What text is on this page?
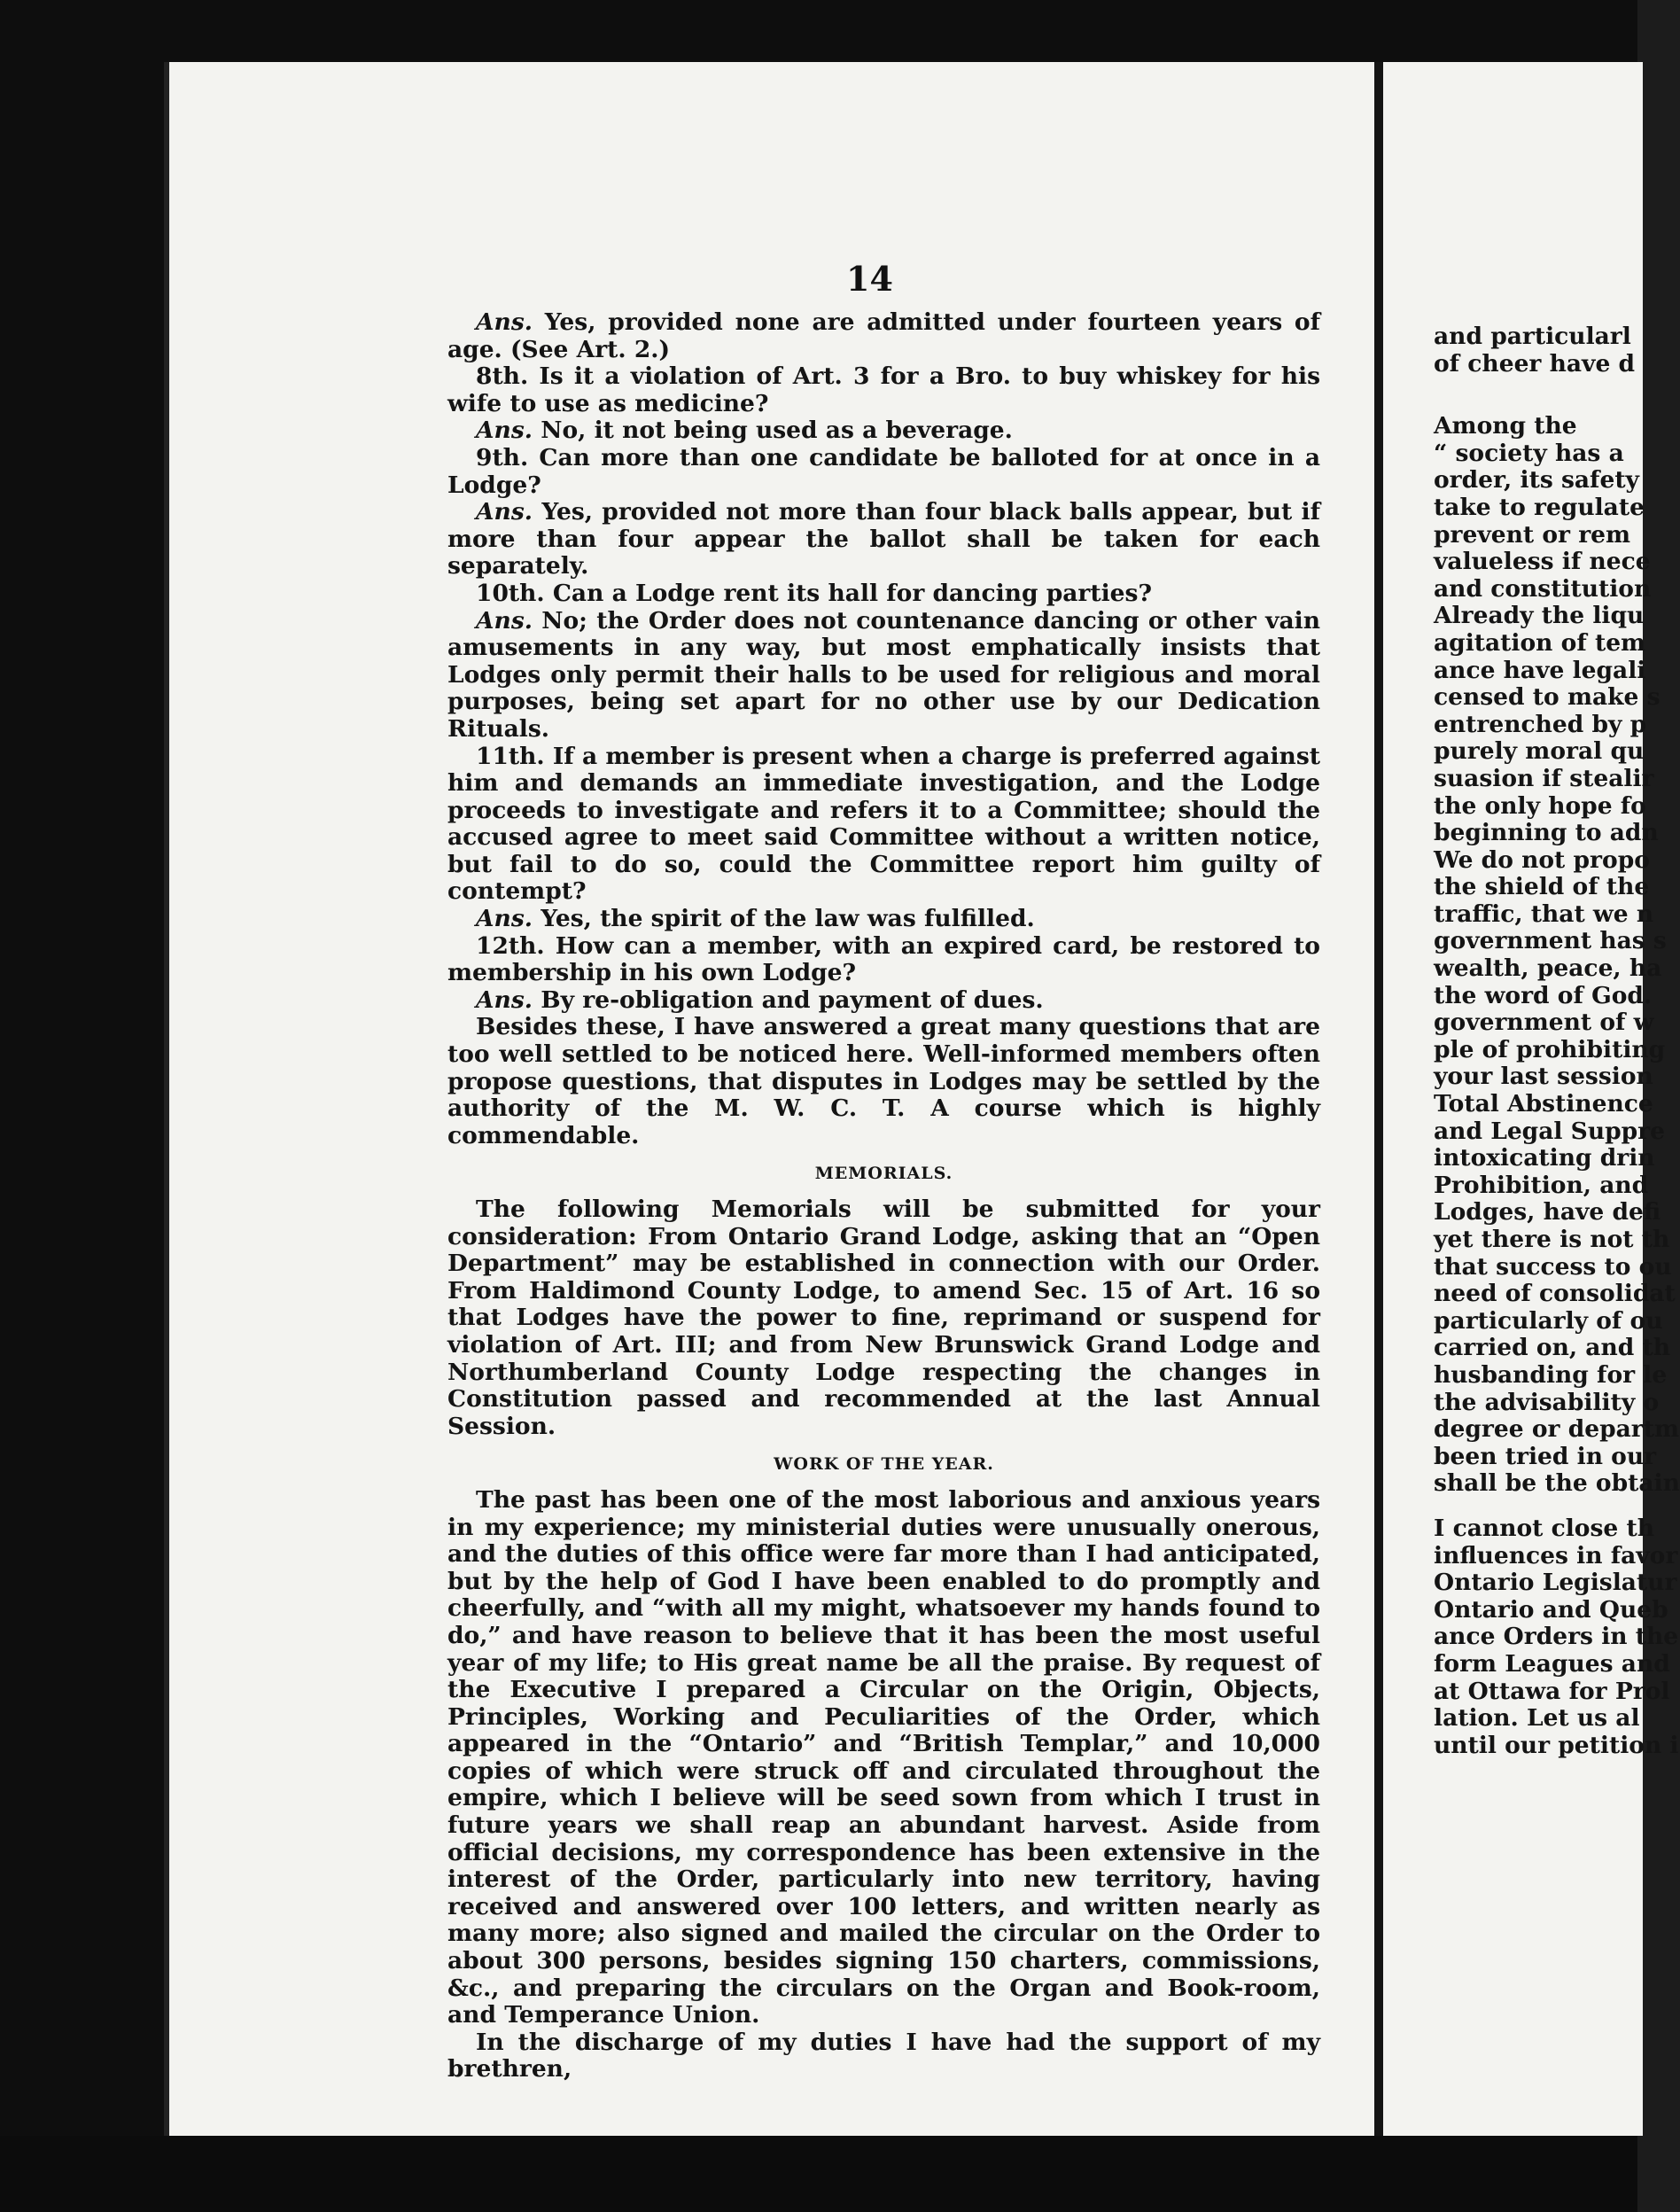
14

Ans. Yes, provided none are admitted under fourteen years of age. (See Art. 2.)

8th. Is it a violation of Art. 3 for a Bro. to buy whiskey for his wife to use as medicine?

Ans. No, it not being used as a beverage.

9th. Can more than one candidate be balloted for at once in a Lodge?

Ans. Yes, provided not more than four black balls appear, but if more than four appear the ballot shall be taken for each separately.

10th. Can a Lodge rent its hall for dancing parties?

Ans. No; the Order does not countenance dancing or other vain amusements in any way, but most emphatically insists that Lodges only permit their halls to be used for religious and moral purposes, being set apart for no other use by our Dedication Rituals.

11th. If a member is present when a charge is preferred against him and demands an immediate investigation, and the Lodge proceeds to investigate and refers it to a Committee; should the accused agree to meet said Committee without a written notice, but fail to do so, could the Committee report him guilty of contempt?

Ans. Yes, the spirit of the law was fulfilled.

12th. How can a member, with an expired card, be restored to membership in his own Lodge?

Ans. By re-obligation and payment of dues.

Besides these, I have answered a great many questions that are too well settled to be noticed here. Well-informed members often propose questions, that disputes in Lodges may be settled by the authority of the M. W. C. T. A course which is highly commendable.

MEMORIALS.

The following Memorials will be submitted for your consideration: From Ontario Grand Lodge, asking that an “Open Department” may be established in connection with our Order. From Haldimond County Lodge, to amend Sec. 15 of Art. 16 so that Lodges have the power to fine, reprimand or suspend for violation of Art. III; and from New Brunswick Grand Lodge and Northumberland County Lodge respecting the changes in Constitution passed and recommended at the last Annual Session.

WORK OF THE YEAR.

The past has been one of the most laborious and anxious years in my experience; my ministerial duties were unusually onerous, and the duties of this office were far more than I had anticipated, but by the help of God I have been enabled to do promptly and cheerfully, and “with all my might, whatsoever my hands found to do,” and have reason to believe that it has been the most useful year of my life; to His great name be all the praise. By request of the Executive I prepared a Circular on the Origin, Objects, Principles, Working and Peculiarities of the Order, which appeared in the “Ontario” and “British Templar,” and 10,000 copies of which were struck off and circulated throughout the empire, which I believe will be seed sown from which I trust in future years we shall reap an abundant harvest. Aside from official decisions, my correspondence has been extensive in the interest of the Order, particularly into new territory, having received and answered over 100 letters, and written nearly as many more; also signed and mailed the circular on the Order to about 300 persons, besides signing 150 charters, commissions, &c., and preparing the circulars on the Organ and Book-room, and Temperance Union.

In the discharge of my duties I have had the support of my brethren,

and particularl

of cheer have d

Among the

“ society has a

order, its safety

take to regulate

prevent or rem

valueless if nece

and constitution

Already the liqu

agitation of tem

ance have legali

censed to make s

entrenched by p

purely moral qu

suasion if stealir

the only hope fo

beginning to adn

We do not propo

the shield of the

traffic, that we n

government has s

wealth, peace, ha

the word of God.

government of w

ple of prohibiting

your last session

Total Abstinence

and Legal Suppre

intoxicating drin

Prohibition, and

Lodges, have defi

yet there is not th

that success to ou

need of consolidat

particularly of ou

carried on, and th

husbanding for le

the advisability o

degree or departm

been tried in our

shall be the obtain

I cannot close th

influences in favor

Ontario Legislatur

Ontario and Queb

ance Orders in the

form Leagues and

at Ottawa for Prol

lation. Let us al

until our petition i
